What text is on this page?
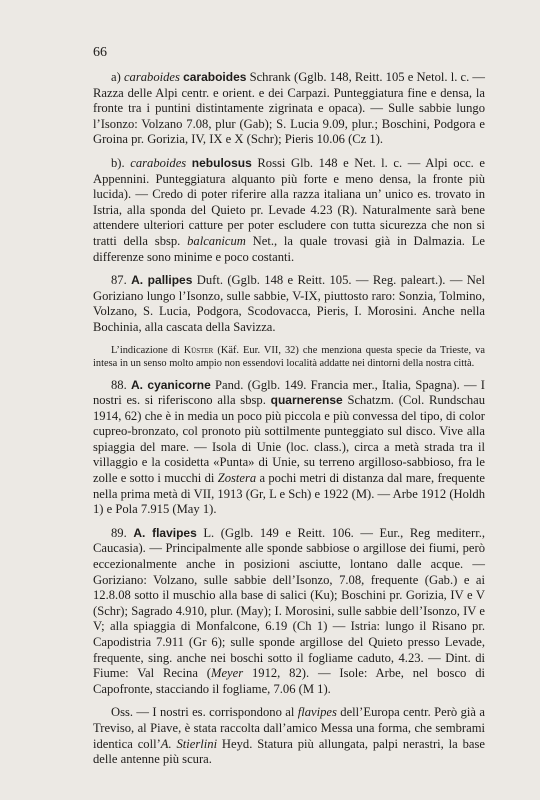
66

a) caraboides caraboides Schrank (Gglb. 148, Reitt. 105 e Netol. l. c. — Razza delle Alpi centr. e orient. e dei Carpazi. Punteggiatura fine e densa, la fronte tra i puntini distintamente zigrinata e opaca). — Sulle sabbie lungo l’Isonzo: Volzano 7.08, plur (Gab); S. Lucia 9.09, plur.; Boschini, Podgora e Groina pr. Gorizia, IV, IX e X (Schr); Pieris 10.06 (Cz 1).

b). caraboides nebulosus Rossi Glb. 148 e Net. l. c. — Alpi occ. e Appennini. Punteggiatura alquanto più forte e meno densa, la fronte più lucida). — Credo di poter riferire alla razza italiana un’ unico es. trovato in Istria, alla sponda del Quieto pr. Levade 4.23 (R). Naturalmente sarà bene attendere ulteriori catture per poter escludere con tutta sicurezza che non si tratti della sbsp. balcanicum Net., la quale trovasi già in Dalmazia. Le differenze sono minime e poco costanti.

87. A. pallipes Duft. (Gglb. 148 e Reitt. 105. — Reg. paleart.). — Nel Goriziano lungo l’Isonzo, sulle sabbie, V-IX, piuttosto raro: Sonzia, Tolmino, Volzano, S. Lucia, Podgora, Scodovacca, Pieris, I. Morosini. Anche nella Bochinia, alla cascata della Savizza.

L’indicazione di Küster (Käf. Eur. VII, 32) che menziona questa specie da Trieste, va intesa in un senso molto ampio non essendovi località addatte nei dintorni della nostra città.

88. A. cyanicorne Pand. (Gglb. 149. Francia mer., Italia, Spagna). — I nostri es. si riferiscono alla sbsp. quarnerense Schatzm. (Col. Rundschau 1914, 62) che è in media un poco più piccola e più convessa del tipo, di color cupreo-bronzato, col pronoto più sottilmente punteggiato sul disco. Vive alla spiaggia del mare. — Isola di Unie (loc. class.), circa a metà strada tra il villaggio e la cosidetta «Punta» di Unie, su terreno argilloso-sabbioso, fra le zolle e sotto i mucchi di Zostera a pochi metri di distanza dal mare, frequente nella prima metà di VII, 1913 (Gr, L e Sch) e 1922 (M). — Arbe 1912 (Holdh 1) e Pola 7.915 (May 1).

89. A. flavipes L. (Gglb. 149 e Reitt. 106. — Eur., Reg mediterr., Caucasia). — Principalmente alle sponde sabbiose o argillose dei fiumi, però eccezionalmente anche in posizioni asciutte, lontano dalle acque. — Goriziano: Volzano, sulle sabbie dell’Isonzo, 7.08, frequente (Gab.) e ai 12.8.08 sotto il muschio alla base di salici (Ku); Boschini pr. Gorizia, IV e V (Schr); Sagrado 4.910, plur. (May); I. Morosini, sulle sabbie dell’Isonzo, IV e V; alla spiaggia di Monfalcone, 6.19 (Ch 1) — Istria: lungo il Risano pr. Capodistria 7.911 (Gr 6); sulle sponde argillose del Quieto presso Levade, frequente, sing. anche nei boschi sotto il fogliame caduto, 4.23. — Dint. di Fiume: Val Recina (Meyer 1912, 82). — Isole: Arbe, nel bosco di Capofronte, stacciando il fogliame, 7.06 (M 1).

Oss. — I nostri es. corrispondono al flavipes dell’Europa centr. Però già a Treviso, al Piave, è stata raccolta dall’amico Messa una forma, che sembrami identica coll’A. Stierlini Heyd. Statura più allungata, palpi nerastri, la base delle antenne più scura.
